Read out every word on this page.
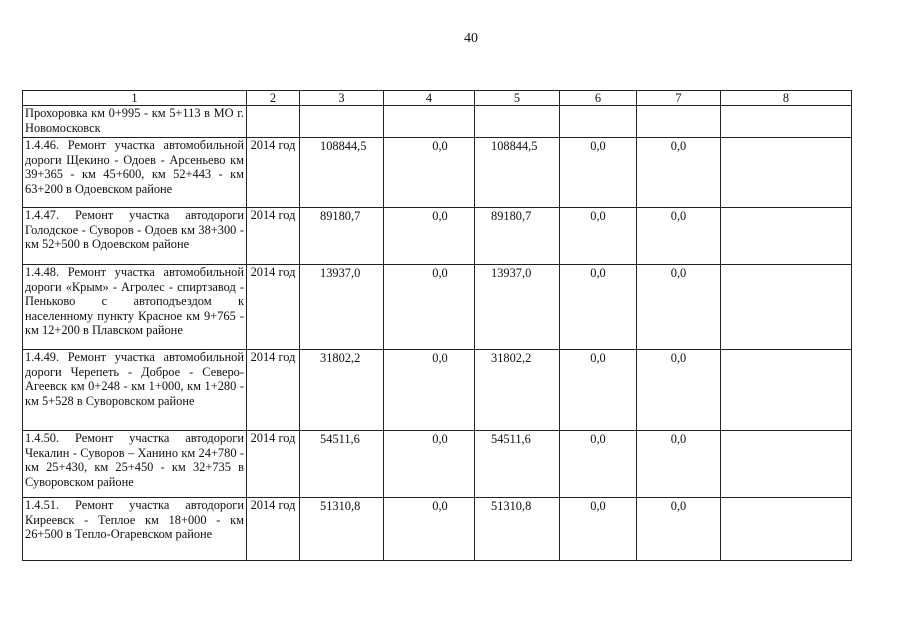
40
1	2	3	4	5	6	7	8
Прохоровка км 0+995 - км 5+113 в МО г. Новомосковск							
1.4.46. Ремонт участка автомобильной дороги Щекино - Одоев - Арсеньево км 39+365 - км 45+600, км 52+443 - км 63+200 в Одоевском районе	2014 год	108844,5	0,0	108844,5	0,0	0,0	
1.4.47. Ремонт участка автодороги Голодское - Суворов - Одоев км 38+300 - км 52+500 в Одоевском районе	2014 год	89180,7	0,0	89180,7	0,0	0,0	
1.4.48. Ремонт участка автомобильной дороги «Крым» - Агролес - спиртзавод - Пеньково с автоподъездом к населенному пункту Красное км 9+765 - км 12+200 в Плавском районе	2014 год	13937,0	0,0	13937,0	0,0	0,0	
1.4.49. Ремонт участка автомобильной дороги Черепеть - Доброе - Северо-Агеевск км 0+248 - км 1+000, км 1+280 - км 5+528 в Суворовском районе	2014 год	31802,2	0,0	31802,2	0,0	0,0	
1.4.50. Ремонт участка автодороги Чекалин - Суворов – Ханино км 24+780 - км 25+430, км 25+450 - км 32+735 в Суворовском районе	2014 год	54511,6	0,0	54511,6	0,0	0,0	
1.4.51. Ремонт участка автодороги Киреевск - Теплое км 18+000 - км 26+500 в Тепло-Огаревском районе	2014 год	51310,8	0,0	51310,8	0,0	0,0	
